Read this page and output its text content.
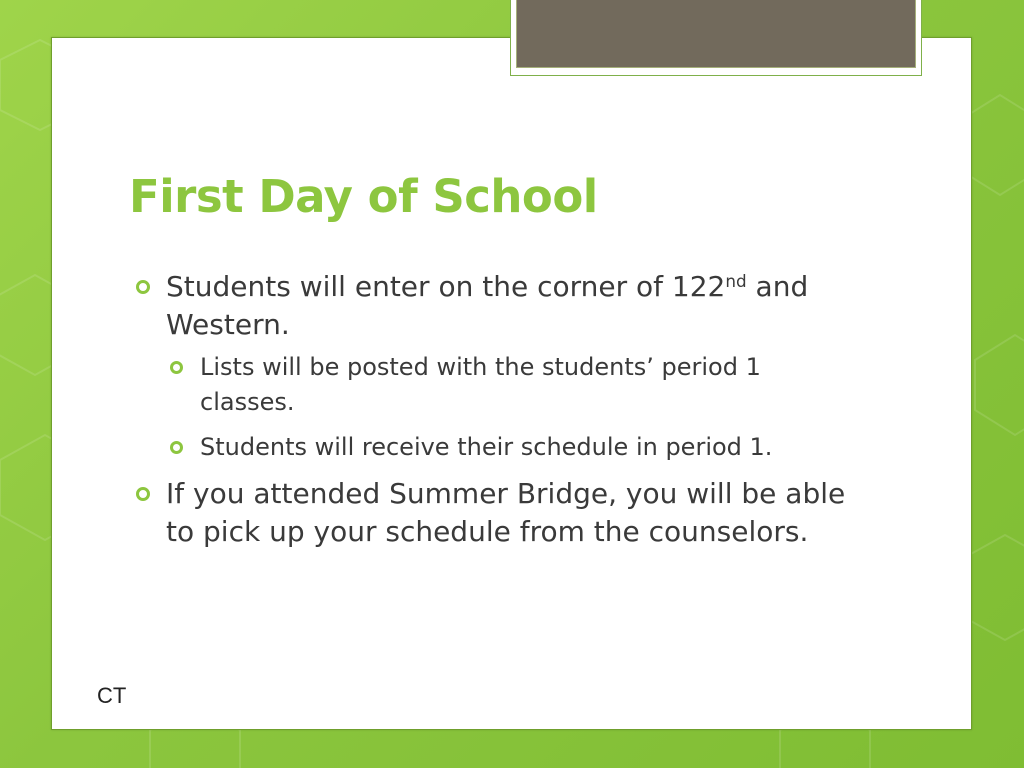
First Day of School
Students will enter on the corner of 122nd and Western.
Lists will be posted with the students’ period 1 classes.
Students will receive their schedule in period 1.
If you attended Summer Bridge, you will be able to pick up your schedule from the counselors.
CT
